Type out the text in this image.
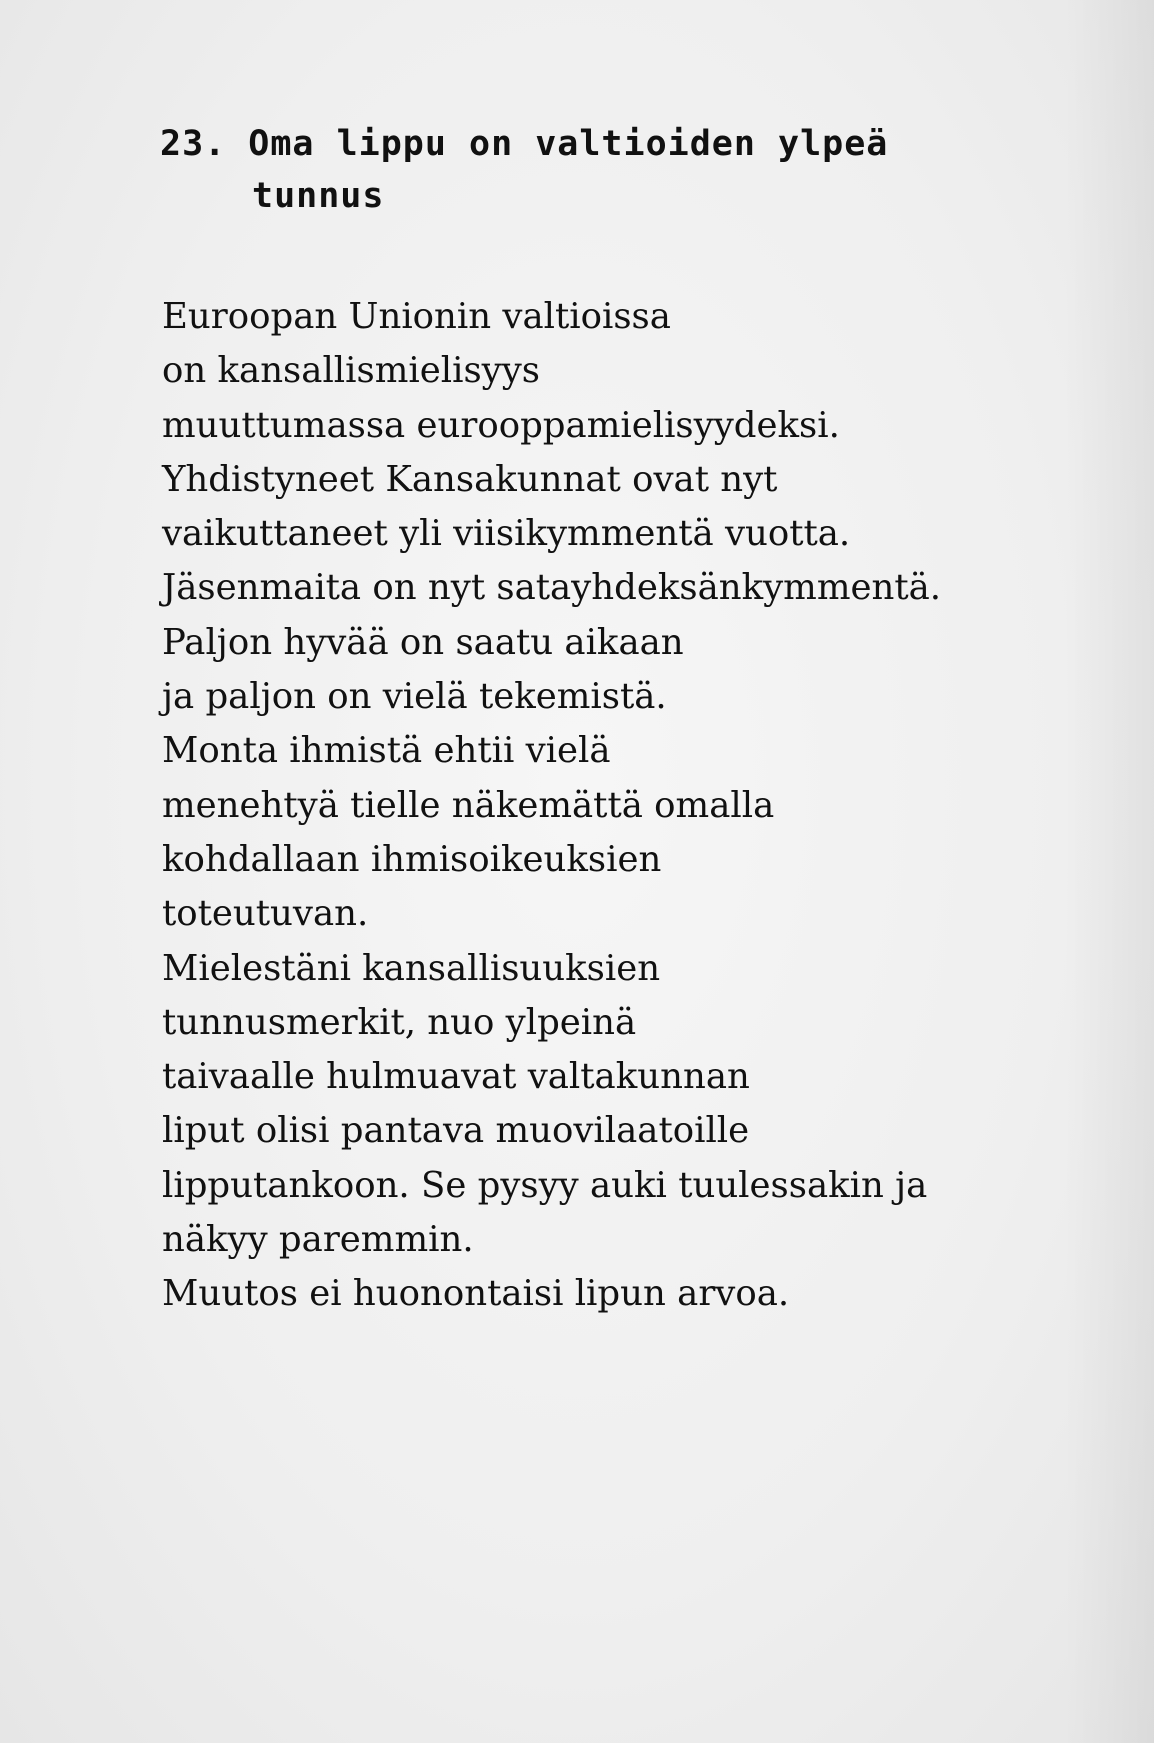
23. Oma lippu on valtioiden ylpeä
tunnus
Euroopan Unionin valtioissa
on kansallismielisyys
muuttumassa eurooppamielisyydeksi.
Yhdistyneet Kansakunnat ovat nyt
vaikuttaneet yli viisikymmentä vuotta.
Jäsenmaita on nyt satayhdeksänkymmentä.
Paljon hyvää on saatu aikaan
ja paljon on vielä tekemistä.
Monta ihmistä ehtii vielä
menehtyä tielle näkemättä omalla
kohdallaan ihmisoikeuksien
toteutuvan.
Mielestäni kansallisuuksien
tunnusmerkit, nuo ylpeinä
taivaalle hulmuavat valtakunnan
liput olisi pantava muovilaatoille
lipputankoon. Se pysyy auki tuulessakin ja
näkyy paremmin.
Muutos ei huonontaisi lipun arvoa.
